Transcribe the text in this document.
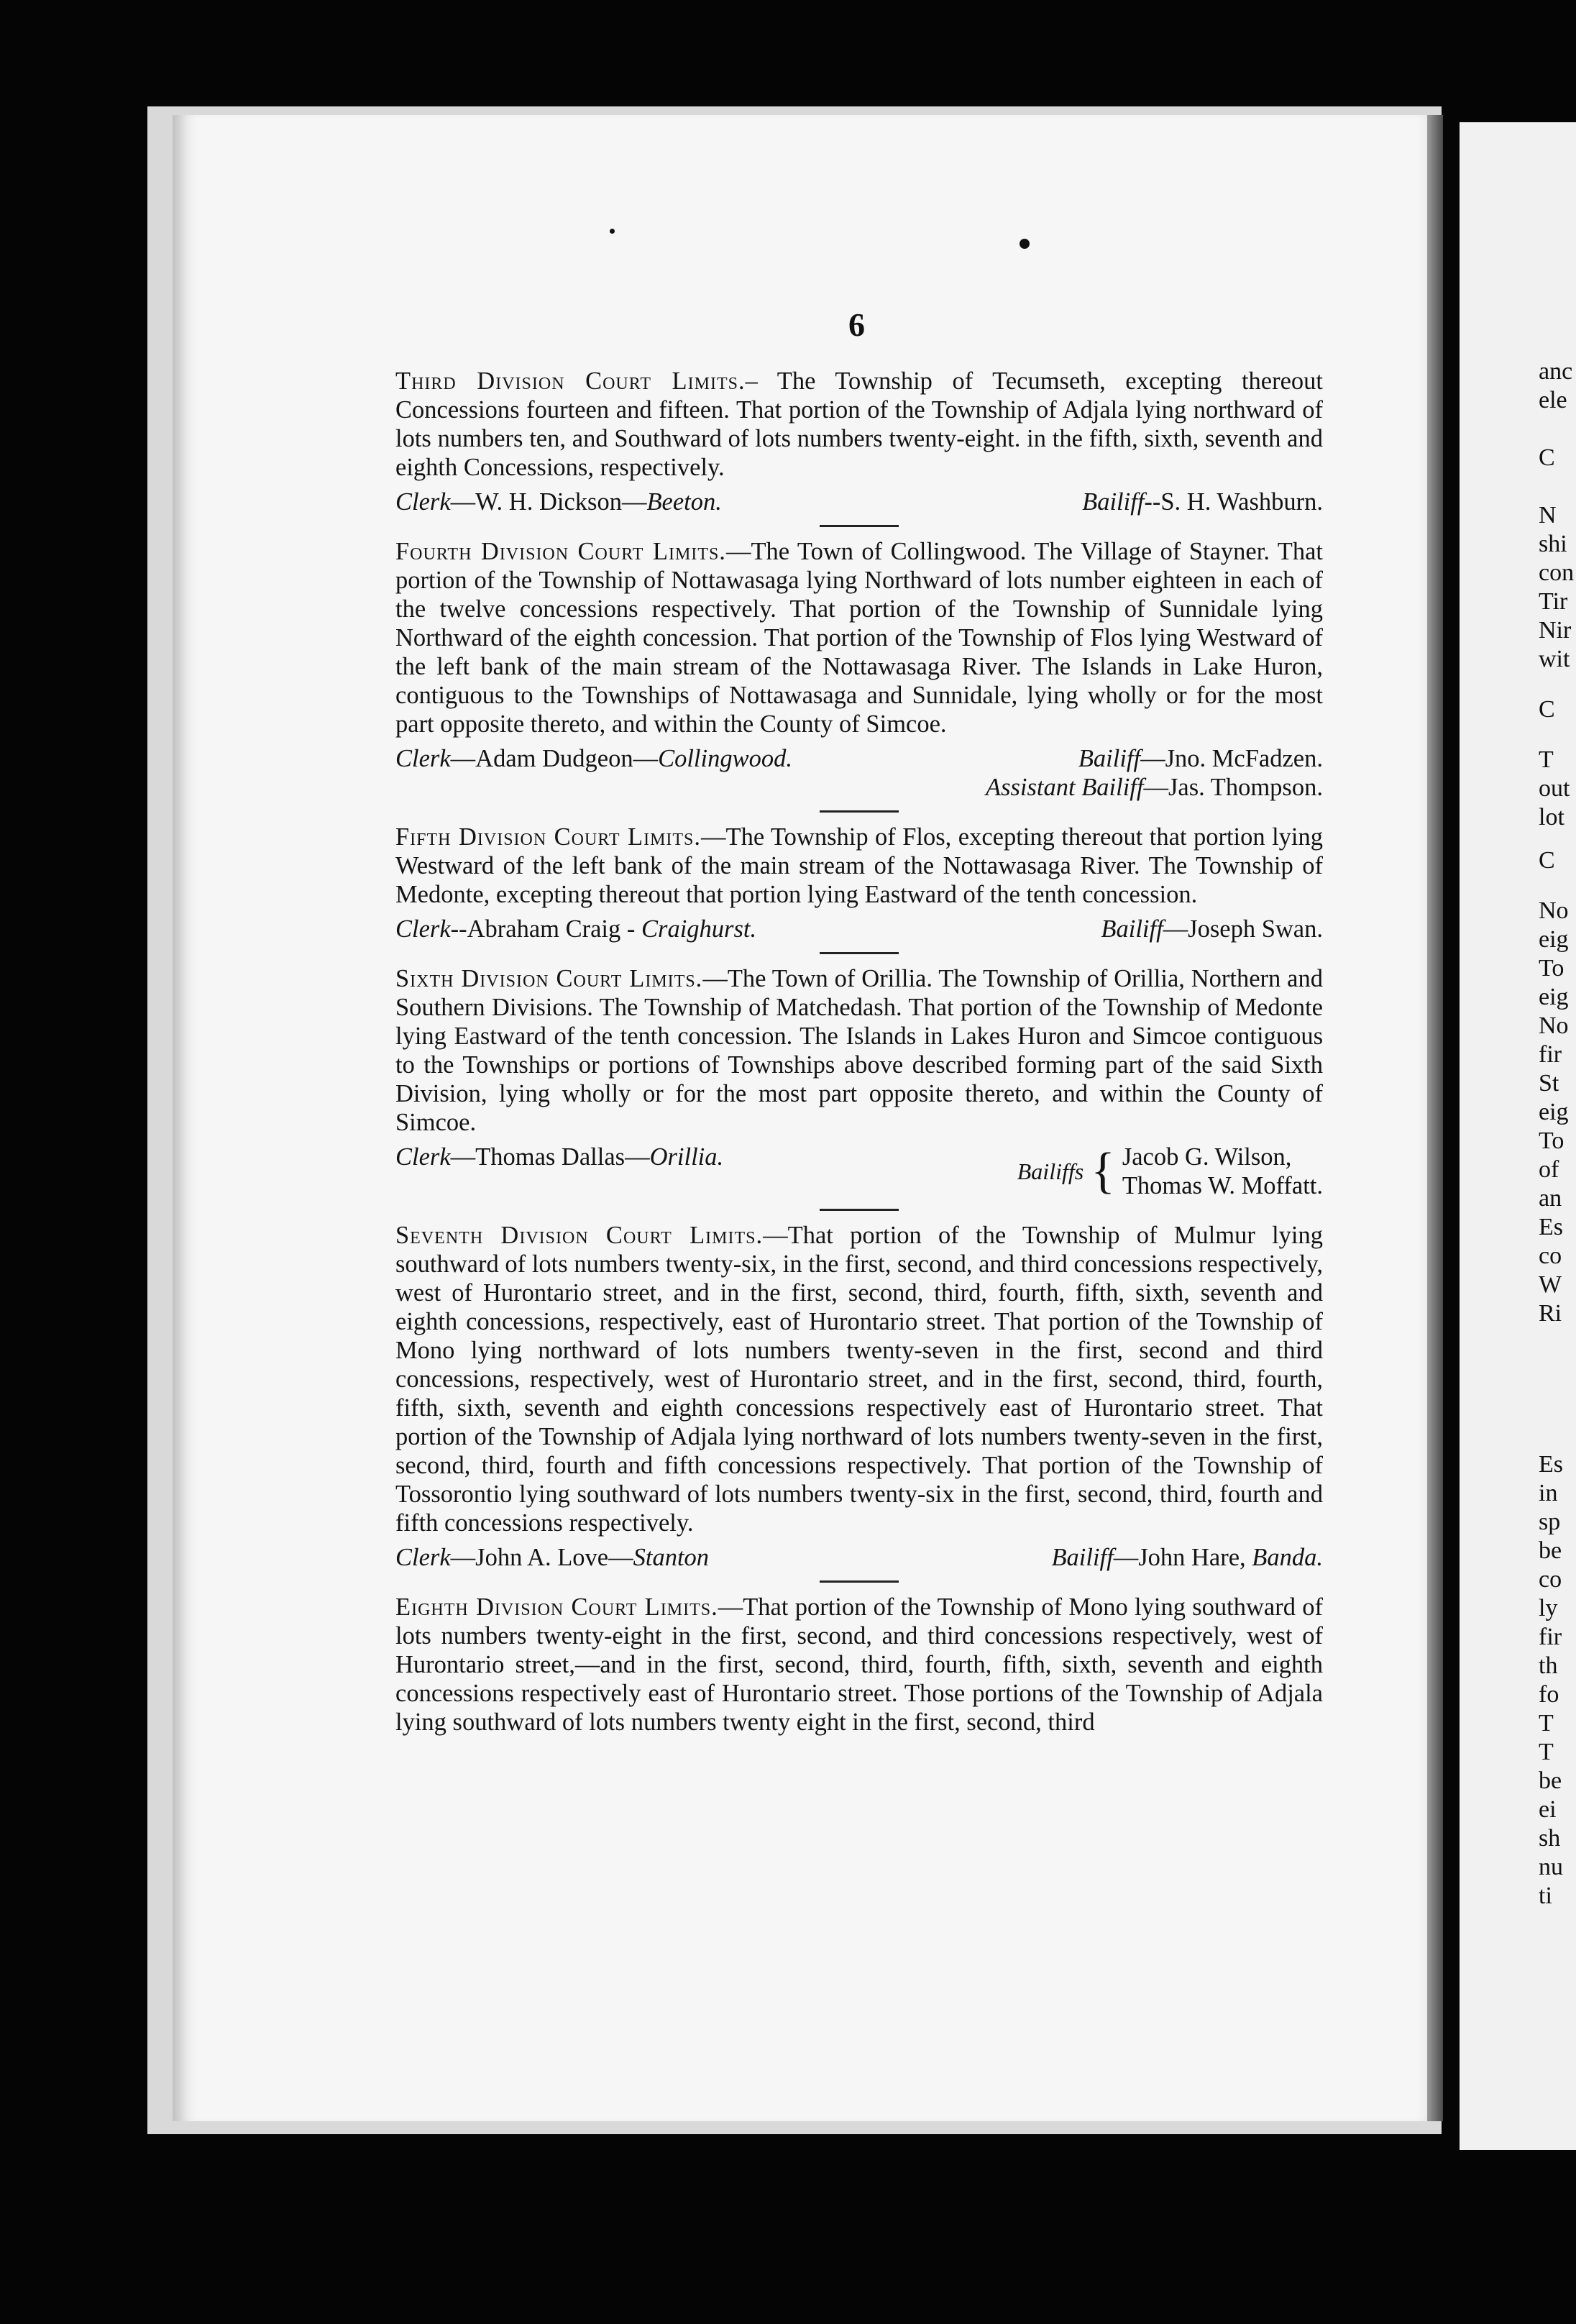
6
anc
ele
C
N
shi
con
Tir
Nir
wit
C
T
out
lot
C
No
eig
To
eig
No
fir
St
eig
To
of
an
Es
co
W
Ri
Es
in
sp
be
co
ly
fir
th
fo
T
T
be
ei
sh
nu
ti

Third Division Court Limits.– The Township of Tecumseth, excepting thereout Concessions fourteen and fifteen. That portion of the Township of Adjala lying northward of lots numbers ten, and Southward of lots numbers twenty-eight. in the fifth, sixth, seventh and eighth Concessions, respectively.

Clerk—W. H. Dickson—Beeton.	Bailiff--S. H. Washburn.

Fourth Division Court Limits.—The Town of Collingwood. The Village of Stayner. That portion of the Township of Nottawasaga lying Northward of lots number eighteen in each of the twelve concessions respectively. That portion of the Township of Sunnidale lying Northward of the eighth concession. That portion of the Township of Flos lying Westward of the left bank of the main stream of the Nottawasaga River. The Islands in Lake Huron, contiguous to the Townships of Nottawasaga and Sunnidale, lying wholly or for the most part opposite thereto, and within the County of Simcoe.

Clerk—Adam Dudgeon—Collingwood.	Bailiff—Jno. McFadzen.
Assistant Bailiff—Jas. Thompson.

Fifth Division Court Limits.—The Township of Flos, excepting thereout that portion lying Westward of the left bank of the main stream of the Nottawasaga River. The Township of Medonte, excepting thereout that portion lying Eastward of the tenth concession.

Clerk--Abraham Craig - Craighurst.	Bailiff—Joseph Swan.

Sixth Division Court Limits.—The Town of Orillia. The Township of Orillia, Northern and Southern Divisions. The Township of Matchedash. That portion of the Township of Medonte lying Eastward of the tenth concession. The Islands in Lakes Huron and Simcoe contiguous to the Townships or portions of Townships above described forming part of the said Sixth Division, lying wholly or for the most part opposite thereto, and within the County of Simcoe.

Clerk—Thomas Dallas—Orillia.
Bailiffs { Jacob G. Wilson,
Thomas W. Moffatt.

Seventh Division Court Limits.—That portion of the Township of Mulmur lying southward of lots numbers twenty-six, in the first, second, and third concessions respectively, west of Hurontario street, and in the first, second, third, fourth, fifth, sixth, seventh and eighth concessions, respectively, east of Hurontario street. That portion of the Township of Mono lying northward of lots numbers twenty-seven in the first, second and third concessions, respectively, west of Hurontario street, and in the first, second, third, fourth, fifth, sixth, seventh and eighth concessions respectively east of Hurontario street. That portion of the Township of Adjala lying northward of lots numbers twenty-seven in the first, second, third, fourth and fifth concessions respectively. That portion of the Township of Tossorontio lying southward of lots numbers twenty-six in the first, second, third, fourth and fifth concessions respectively.

Clerk—John A. Love—Stanton	Bailiff—John Hare, Banda.

Eighth Division Court Limits.—That portion of the Township of Mono lying southward of lots numbers twenty-eight in the first, second, and third concessions respectively, west of Hurontario street,—and in the first, second, third, fourth, fifth, sixth, seventh and eighth concessions respectively east of Hurontario street. Those portions of the Township of Adjala lying southward of lots numbers twenty eight in the first, second, third
